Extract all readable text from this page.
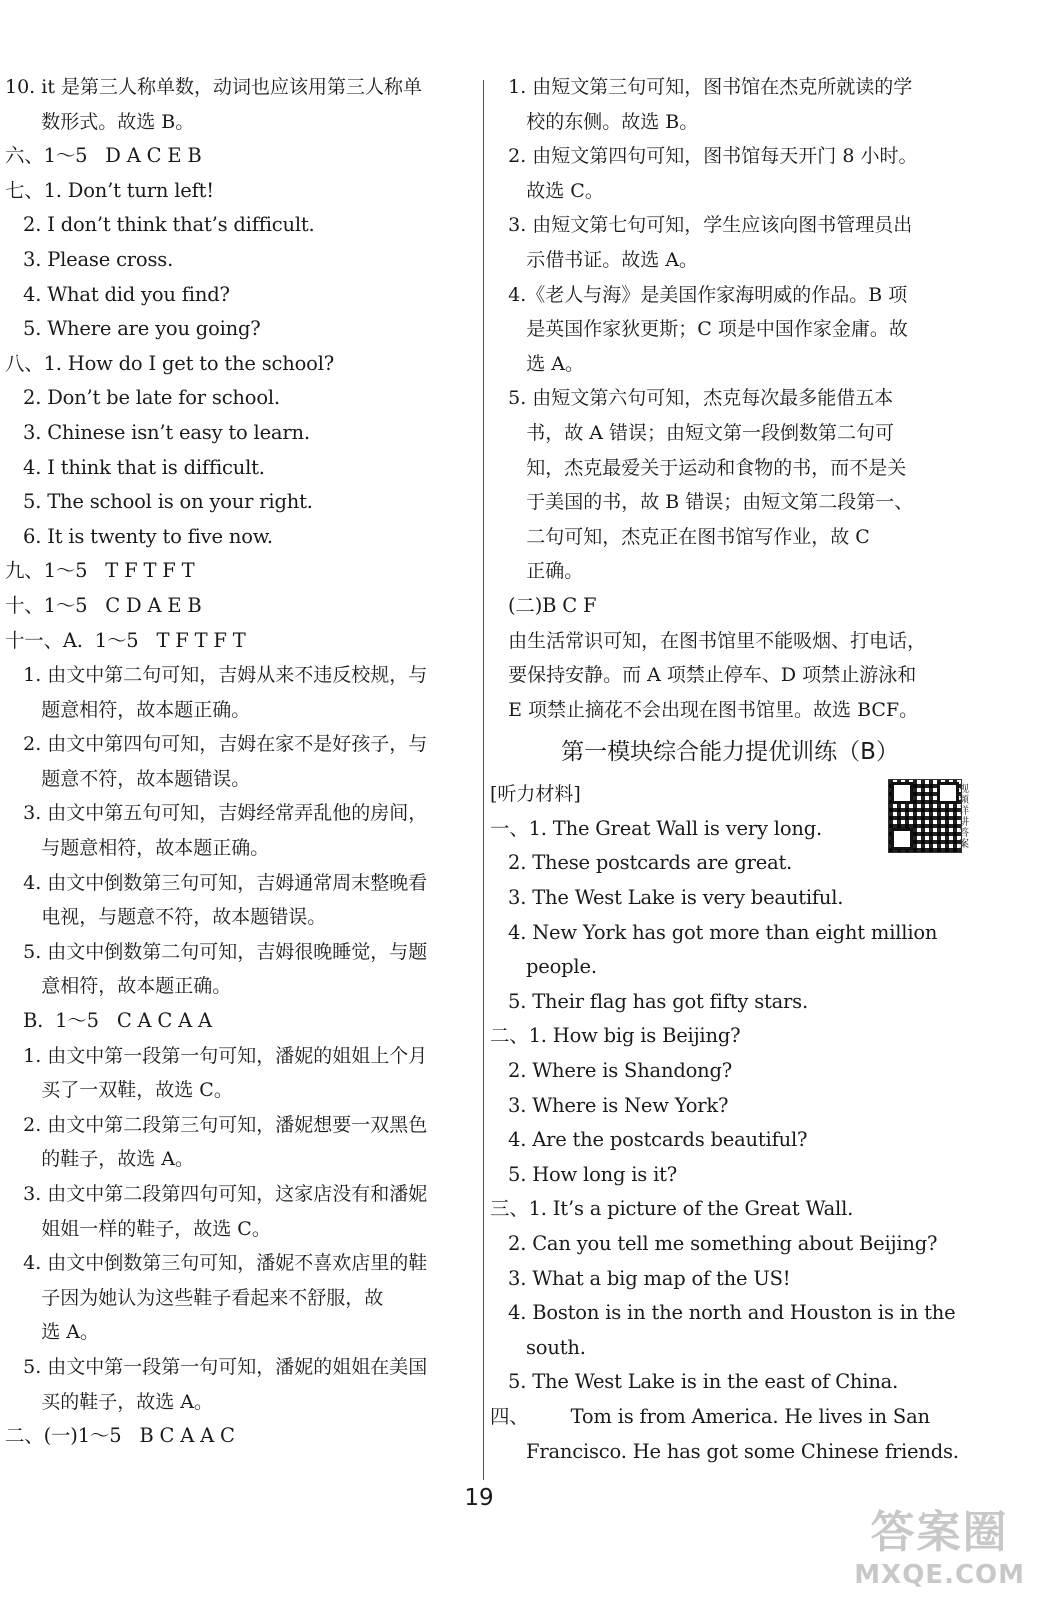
10. it 是第三人称单数，动词也应该用第三人称单
数形式。故选 B。
六、1～5   D A C E B
七、1. Don’t turn left!
2. I don’t think that’s difficult.
3. Please cross.
4. What did you find?
5. Where are you going?
八、1. How do I get to the school?
2. Don’t be late for school.
3. Chinese isn’t easy to learn.
4. I think that is difficult.
5. The school is on your right.
6. It is twenty to five now.
九、1～5   T F T F T
十、1～5   C D A E B
十一、A.  1～5   T F T F T
1. 由文中第二句可知，吉姆从来不违反校规，与
题意相符，故本题正确。
2. 由文中第四句可知，吉姆在家不是好孩子，与
题意不符，故本题错误。
3. 由文中第五句可知，吉姆经常弄乱他的房间，
与题意相符，故本题正确。
4. 由文中倒数第三句可知，吉姆通常周末整晚看
电视，与题意不符，故本题错误。
5. 由文中倒数第二句可知，吉姆很晚睡觉，与题
意相符，故本题正确。
B.  1～5   C A C A A
1. 由文中第一段第一句可知，潘妮的姐姐上个月
买了一双鞋，故选 C。
2. 由文中第二段第三句可知，潘妮想要一双黑色
的鞋子，故选 A。
3. 由文中第二段第四句可知，这家店没有和潘妮
姐姐一样的鞋子，故选 C。
4. 由文中倒数第三句可知，潘妮不喜欢店里的鞋
子因为她认为这些鞋子看起来不舒服，故
选 A。
5. 由文中第一段第一句可知，潘妮的姐姐在美国
买的鞋子，故选 A。
二、(一)1～5   B C A A C
1. 由短文第三句可知，图书馆在杰克所就读的学
校的东侧。故选 B。
2. 由短文第四句可知，图书馆每天开门 8 小时。
故选 C。
3. 由短文第七句可知，学生应该向图书管理员出
示借书证。故选 A。
4.《老人与海》是美国作家海明威的作品。B 项
是英国作家狄更斯；C 项是中国作家金庸。故
选 A。
5. 由短文第六句可知，杰克每次最多能借五本
书，故 A 错误；由短文第一段倒数第二句可
知，杰克最爱关于运动和食物的书，而不是关
于美国的书，故 B 错误；由短文第二段第一、
二句可知，杰克正在图书馆写作业，故 C
正确。
(二)B C F
由生活常识可知，在图书馆里不能吸烟、打电话，
要保持安静。而 A 项禁止停车、D 项禁止游泳和
E 项禁止摘花不会出现在图书馆里。故选 BCF。
第一模块综合能力提优训练（B）
[听力材料]	视频详讲答案
一、1. The Great Wall is very long.
2. These postcards are great.
3. The West Lake is very beautiful.
4. New York has got more than eight million
people.
5. Their flag has got fifty stars.
二、1. How big is Beijing?
2. Where is Shandong?
3. Where is New York?
4. Are the postcards beautiful?
5. How long is it?
三、1. It’s a picture of the Great Wall.
2. Can you tell me something about Beijing?
3. What a big map of the US!
4. Boston is in the north and Houston is in the
south.
5. The West Lake is in the east of China.
四、       Tom is from America. He lives in San
Francisco. He has got some Chinese friends.
19
答案圈
MXQE.COM
